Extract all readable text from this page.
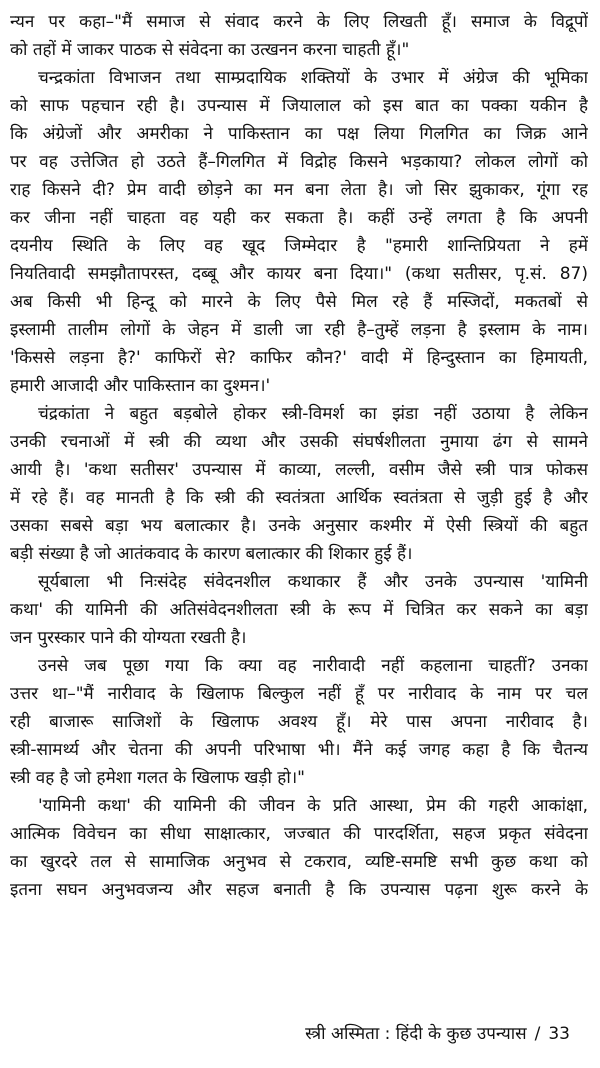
न्यन पर कहा–"मैं समाज से संवाद करने के लिए लिखती हूँ। समाज के विद्रूपों
को तहों में जाकर पाठक से संवेदना का उत्खनन करना चाहती हूँ।"
चन्द्रकांता विभाजन तथा साम्प्रदायिक शक्तियों के उभार में अंग्रेज की भूमिका
को साफ पहचान रही है। उपन्यास में जियालाल को इस बात का पक्का यकीन है
कि अंग्रेजों और अमरीका ने पाकिस्तान का पक्ष लिया गिलगित का जिक्र आने
पर वह उत्तेजित हो उठते हैं–गिलगित में विद्रोह किसने भड़काया? लोकल लोगों को
राह किसने दी? प्रेम वादी छोड़ने का मन बना लेता है। जो सिर झुकाकर, गूंगा रह
कर जीना नहीं चाहता वह यही कर सकता है। कहीं उन्हें लगता है कि अपनी
दयनीय स्थिति के लिए वह खूद जिम्मेदार है "हमारी शान्तिप्रियता ने हमें
नियतिवादी समझौतापरस्त, दब्बू और कायर बना दिया।" (कथा सतीसर, पृ.सं. 87)
अब किसी भी हिन्दू को मारने के लिए पैसे मिल रहे हैं मस्जिदों, मकतबों से
इस्लामी तालीम लोगों के जेहन में डाली जा रही है–तुम्हें लड़ना है इस्लाम के नाम।
'किससे लड़ना है?' काफिरों से? काफिर कौन?' वादी में हिन्दुस्तान का हिमायती,
हमारी आजादी और पाकिस्तान का दुश्मन।'
चंद्रकांता ने बहुत बड़बोले होकर स्त्री-विमर्श का झंडा नहीं उठाया है लेकिन
उनकी रचनाओं में स्त्री की व्यथा और उसकी संघर्षशीलता नुमाया ढंग से सामने
आयी है। 'कथा सतीसर' उपन्यास में काव्या, लल्ली, वसीम जैसे स्त्री पात्र फोकस
में रहे हैं। वह मानती है कि स्त्री की स्वतंत्रता आर्थिक स्वतंत्रता से जुड़ी हुई है और
उसका सबसे बड़ा भय बलात्कार है। उनके अनुसार कश्मीर में ऐसी स्त्रियों की बहुत
बड़ी संख्या है जो आतंकवाद के कारण बलात्कार की शिकार हुई हैं।
सूर्यबाला भी निःसंदेह संवेदनशील कथाकार हैं और उनके उपन्यास 'यामिनी
कथा' की यामिनी की अतिसंवेदनशीलता स्त्री के रूप में चित्रित कर सकने का बड़ा
जन पुरस्कार पाने की योग्यता रखती है।
उनसे जब पूछा गया कि क्या वह नारीवादी नहीं कहलाना चाहतीं? उनका
उत्तर था–"मैं नारीवाद के खिलाफ बिल्कुल नहीं हूँ पर नारीवाद के नाम पर चल
रही बाजारू साजिशों के खिलाफ अवश्य हूँ। मेरे पास अपना नारीवाद है।
स्त्री-सामर्थ्य और चेतना की अपनी परिभाषा भी। मैंने कई जगह कहा है कि चैतन्य
स्त्री वह है जो हमेशा गलत के खिलाफ खड़ी हो।"
'यामिनी कथा' की यामिनी की जीवन के प्रति आस्था, प्रेम की गहरी आकांक्षा,
आत्मिक विवेचन का सीधा साक्षात्कार, जज्बात की पारदर्शिता, सहज प्रकृत संवेदना
का खुरदरे तल से सामाजिक अनुभव से टकराव, व्यष्टि-समष्टि सभी कुछ कथा को
इतना सघन अनुभवजन्य और सहज बनाती है कि उपन्यास पढ़ना शुरू करने के
स्त्री अस्मिता : हिंदी के कुछ उपन्यास / 33
